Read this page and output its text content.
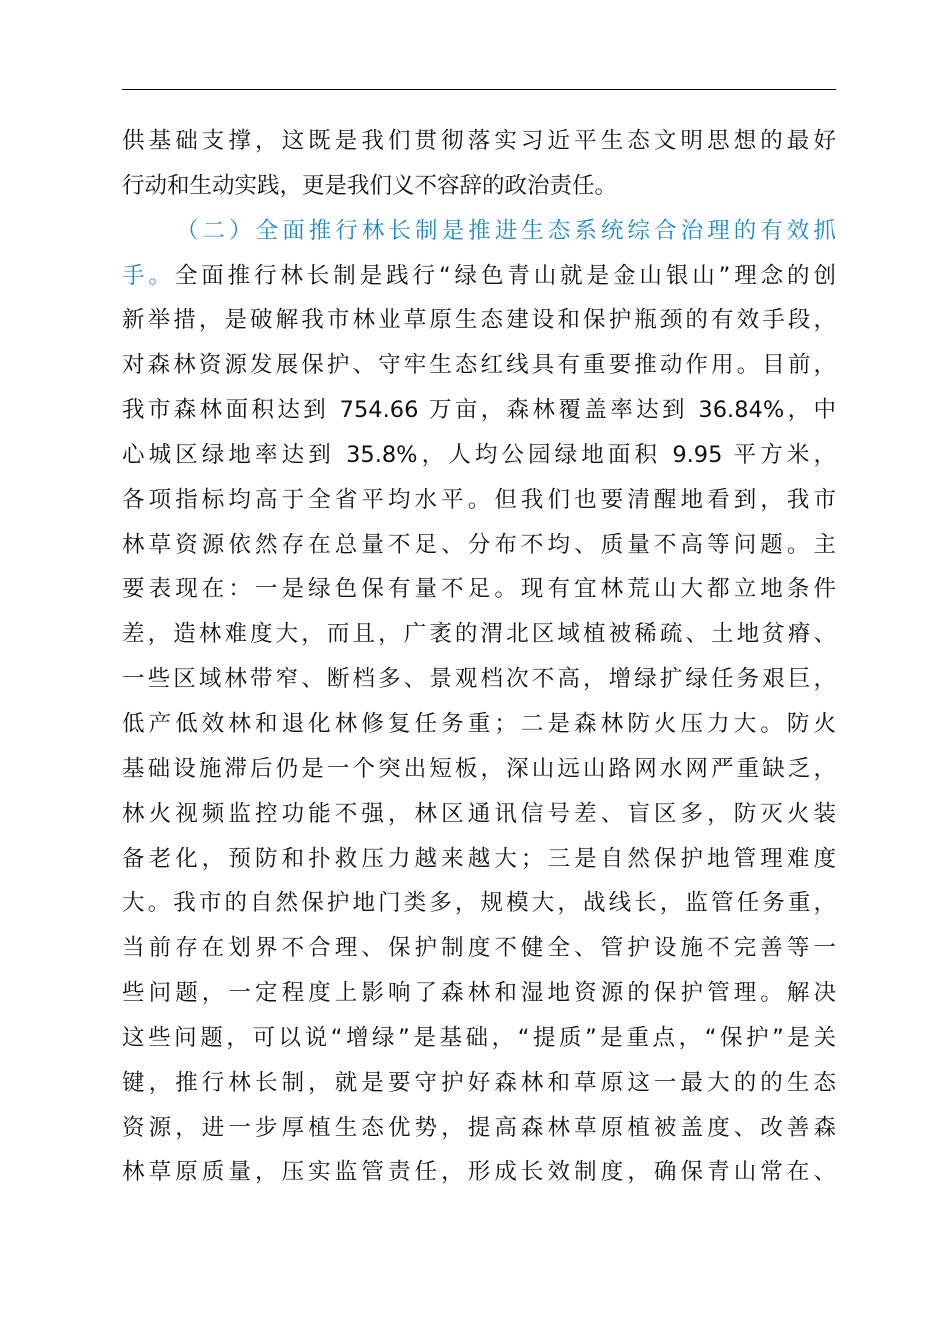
供基础支撑，这既是我们贯彻落实习近平生态文明思想的最好
行动和生动实践，更是我们义不容辞的政治责任。
（二）全面推行林长制是推进生态系统综合治理的有效抓
手。全面推行林长制是践行“绿色青山就是金山银山”理念的创
新举措，是破解我市林业草原生态建设和保护瓶颈的有效手段，
对森林资源发展保护、守牢生态红线具有重要推动作用。目前，
我市森林面积达到 754.66 万亩，森林覆盖率达到 36.84%，中
心城区绿地率达到 35.8%，人均公园绿地面积 9.95 平方米，
各项指标均高于全省平均水平。但我们也要清醒地看到，我市
林草资源依然存在总量不足、分布不均、质量不高等问题。主
要表现在：一是绿色保有量不足。现有宜林荒山大都立地条件
差，造林难度大，而且，广袤的渭北区域植被稀疏、土地贫瘠、
一些区域林带窄、断档多、景观档次不高，增绿扩绿任务艰巨，
低产低效林和退化林修复任务重；二是森林防火压力大。防火
基础设施滞后仍是一个突出短板，深山远山路网水网严重缺乏，
林火视频监控功能不强，林区通讯信号差、盲区多，防灭火装
备老化，预防和扑救压力越来越大；三是自然保护地管理难度
大。我市的自然保护地门类多，规模大，战线长，监管任务重，
当前存在划界不合理、保护制度不健全、管护设施不完善等一
些问题，一定程度上影响了森林和湿地资源的保护管理。解决
这些问题，可以说“增绿”是基础，“提质”是重点，“保护”是关
键，推行林长制，就是要守护好森林和草原这一最大的的生态
资源，进一步厚植生态优势，提高森林草原植被盖度、改善森
林草原质量，压实监管责任，形成长效制度，确保青山常在、
